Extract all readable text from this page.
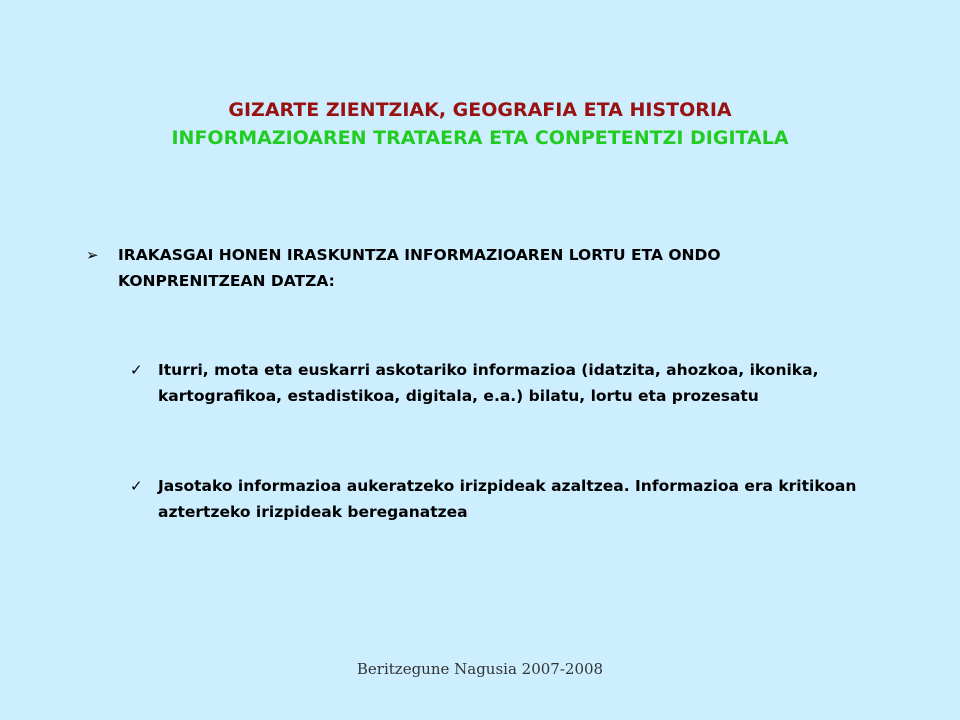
GIZARTE ZIENTZIAK, GEOGRAFIA ETA HISTORIA
INFORMAZIOAREN TRATAERA ETA CONPETENTZI DIGITALA
➢	IRAKASGAI HONEN IRASKUNTZA INFORMAZIOAREN LORTU ETA ONDO KONPRENITZEAN DATZA:
✓ Iturri, mota eta euskarri askotariko informazioa (idatzita, ahozkoa, ikonika, kartografikoa, estadistikoa, digitala, e.a.) bilatu, lortu eta prozesatu
✓ Jasotako informazioa aukeratzeko irizpideak azaltzea. Informazioa era kritikoan aztertzeko irizpideak bereganatzea
Beritzegune Nagusia 2007-2008
